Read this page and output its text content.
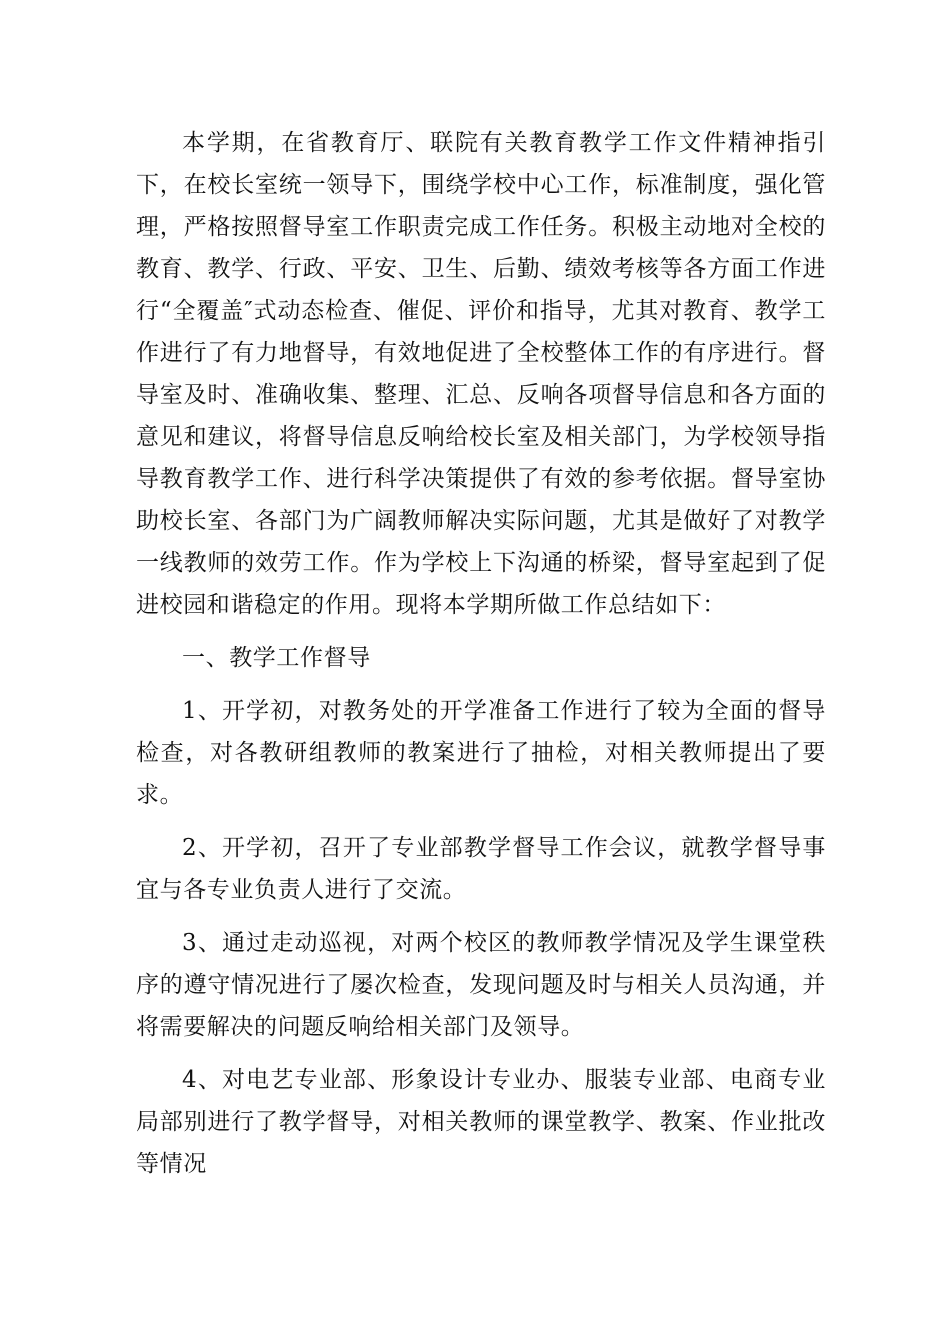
本学期，在省教育厅、联院有关教育教学工作文件精神指引下，在校长室统一领导下，围绕学校中心工作，标准制度，强化管理，严格按照督导室工作职责完成工作任务。积极主动地对全校的教育、教学、行政、平安、卫生、后勤、绩效考核等各方面工作进行“全覆盖″式动态检查、催促、评价和指导，尤其对教育、教学工作进行了有力地督导，有效地促进了全校整体工作的有序进行。督导室及时、准确收集、整理、汇总、反响各项督导信息和各方面的意见和建议，将督导信息反响给校长室及相关部门，为学校领导指导教育教学工作、进行科学决策提供了有效的参考依据。督导室协助校长室、各部门为广阔教师解决实际问题，尤其是做好了对教学一线教师的效劳工作。作为学校上下沟通的桥梁，督导室起到了促进校园和谐稳定的作用。现将本学期所做工作总结如下：

一、教学工作督导

1、开学初，对教务处的开学准备工作进行了较为全面的督导检查，对各教研组教师的教案进行了抽检，对相关教师提出了要求。

2、开学初，召开了专业部教学督导工作会议，就教学督导事宜与各专业负责人进行了交流。

3、通过走动巡视，对两个校区的教师教学情况及学生课堂秩序的遵守情况进行了屡次检查，发现问题及时与相关人员沟通，并将需要解决的问题反响给相关部门及领导。

4、对电艺专业部、形象设计专业办、服装专业部、电商专业局部别进行了教学督导，对相关教师的课堂教学、教案、作业批改等情况
